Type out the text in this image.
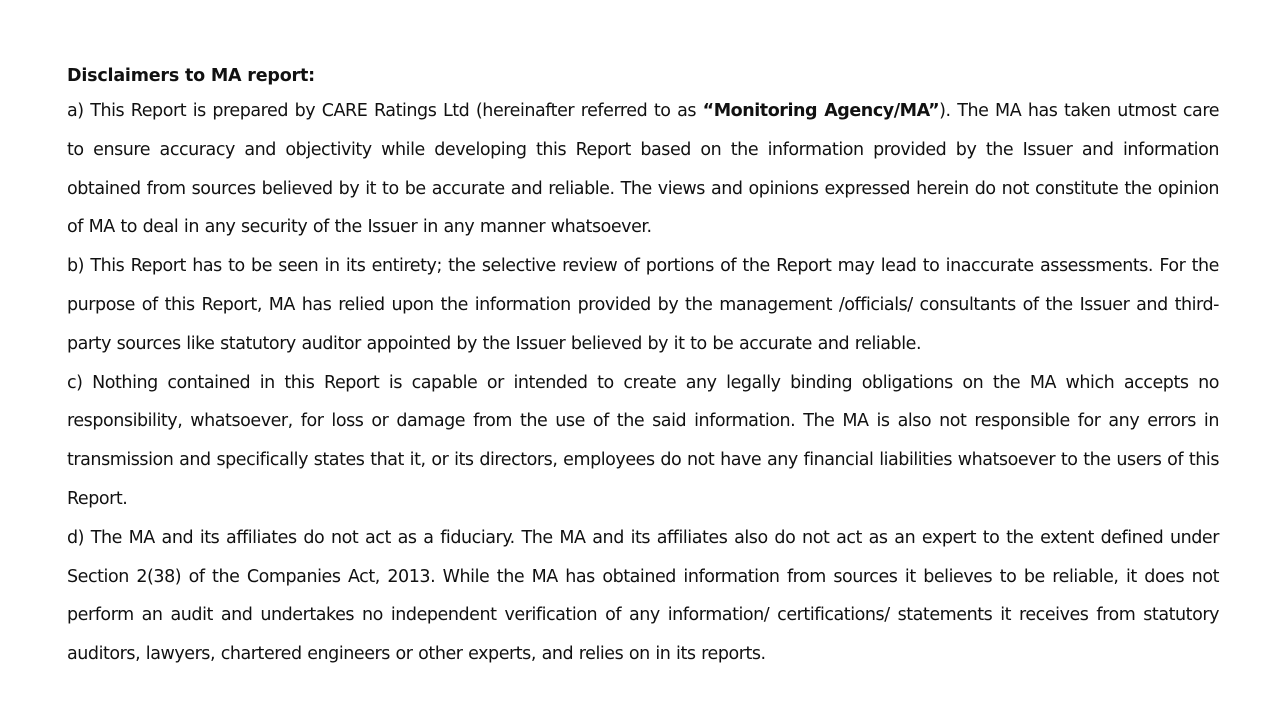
Disclaimers to MA report:

a) This Report is prepared by CARE Ratings Ltd (hereinafter referred to as “Monitoring Agency/MA”). The MA has taken utmost care to ensure accuracy and objectivity while developing this Report based on the information provided by the Issuer and information obtained from sources believed by it to be accurate and reliable. The views and opinions expressed herein do not constitute the opinion of MA to deal in any security of the Issuer in any manner whatsoever.

b) This Report has to be seen in its entirety; the selective review of portions of the Report may lead to inaccurate assessments. For the purpose of this Report, MA has relied upon the information provided by the management /officials/ consultants of the Issuer and third-party sources like statutory auditor appointed by the Issuer believed by it to be accurate and reliable.

c) Nothing contained in this Report is capable or intended to create any legally binding obligations on the MA which accepts no responsibility, whatsoever, for loss or damage from the use of the said information. The MA is also not responsible for any errors in transmission and specifically states that it, or its directors, employees do not have any financial liabilities whatsoever to the users of this Report.

d) The MA and its affiliates do not act as a fiduciary. The MA and its affiliates also do not act as an expert to the extent defined under Section 2(38) of the Companies Act, 2013. While the MA has obtained information from sources it believes to be reliable, it does not perform an audit and undertakes no independent verification of any information/ certifications/ statements it receives from statutory auditors, lawyers, chartered engineers or other experts, and relies on in its reports.
